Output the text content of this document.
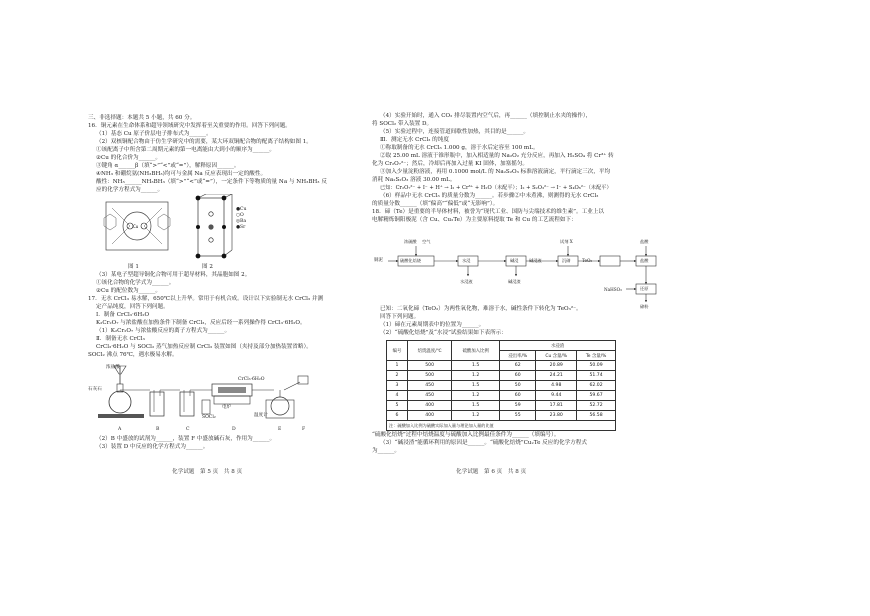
三、非选择题：本题共 5 小题，共 60 分。
16．铜元素在生命体系和超导领域研究中发挥着至关重要的作用。回答下列问题。
（1）基态 Cu 原子价层电子排布式为______。
（2）双核铜配合物由于仿生学研究中的需要，某大环双铜配合物的配离子结构如图 1。
①该配离子中所含第二周期元素的第一电离能由大到小的顺序为______。
②Cu 的化合价为______。
③键角 α______β（填“>”“<”或“=”），解释原因______。
④NH₃ 和硼烷氨(NH₃BH₃)均可与金属 Na 反应表现出一定的酸性。
酸性：NH₃______NH₃BH₃（填“>”“<”或“=”），一定条件下等物质的量 Na 与 NH₃BH₃ 反
应的化学方程式为______。
Cu
图 1	图 2
●Cu
○O
◎Ba
●Sr
（3）某电子型超导铜化合物可用于超导材料，其晶胞如图 2。
①该化合物的化学式为______。
②Cu 的配位数为______。
17．无水 CrCl₃ 易水解，650℃以上升华。常用于有机合成。设计以下实验制无水 CrCl₃ 并测
定产品纯度，回答下列问题。
Ⅰ．制备 CrCl₃·6H₂O
K₂Cr₂O₇ 与浓盐酸在加热条件下制备 CrCl₃，反应后经一系列操作得 CrCl₃·6H₂O。
（1）K₂Cr₂O₇ 与浓盐酸反应的离子方程式为______。
Ⅱ．制备无水 CrCl₃
CrCl₃·6H₂O 与 SOCl₂ 蒸气加热反应制 CrCl₃ 装置如图（夹持及部分加热装置省略）。
SOCl₂ 沸点 76℃，遇水极易水解。
浓盐酸
石灰石
CrCl₃·6H₂O
SOCl₂
电炉
温度计
A	B	C	D	E	F
（2）B 中盛放的试剂为______，装置 F 中盛放碱石灰，作用为______。
（3）装置 D 中反应的化学方程式为______。
化学试题　第 5 页　共 8 页
（4）实验开始时，通入 CO₂ 排尽装置内空气后，再______（填控制止水夹的操作），
将 SOCl₂ 带入装置 D。
（5）实验过程中，连接管道间歇性加热，其目的是______。
Ⅲ．测定无水 CrCl₃ 的纯度
①称取制备的无水 CrCl₃ 1.000 g，溶于水后定容至 100 mL。
②取 25.00 mL 溶液于锥形瓶中，加入相适量的 Na₂O₂ 充分反应，再加入 H₂SO₄ 将 Cr³⁺ 转
化为 Cr₂O₇²⁻；然后，冷却后再加入过量 KI 固体，加塞摇匀。
③加入少量淀粉溶液，再用 0.1000 mol/L 的 Na₂S₂O₃ 标准溶液滴定，平行滴定三次，平均
消耗 Na₂S₂O₃ 溶液 30.00 mL。
已知：Cr₂O₇²⁻ + I⁻ + H⁺ → I₂ + Cr³⁺ + H₂O（未配平）；I₂ + S₂O₃²⁻ → I⁻ + S₄O₆²⁻（未配平）
（6）样品中无水 CrCl₃ 的质量分数为______。若步骤②中未煮沸，则测得的无水 CrCl₃
的质量分数______（填“偏高”“偏低”或“无影响”）。
18．碲（Te）是重要的半导体材料，被誉为“现代工业、国防与尖端技术的维生素”。工业上以
电解精炼铜阳极泥（含 Cu、Cu₂Te）为主要原料提取 Te 和 Cu 的工艺流程如下：
铜泥	硫酸化焙烧	水浸	碱浸	碱浸液	沉碲	TeO₂	盐酸
还原
浓硫酸 空气
水浸液	碱浸渣
试剂 X	盐酸
NaHSO₃
碲粉
已知：二氧化碲（TeO₂）为两性氧化物，难溶于水，碱性条件下转化为 TeO₃²⁻。
回答下列问题。
（1）碲在元素周期表中的位置为______。
（2）“硫酸化焙烧”及“水浸”试验结果如下表所示：
编号	焙烧温度/℃	硫酸加入比例	水浸渣		
			浸出率/%	Cu 含量/%	Te 含量/%
1	500	1.5	62	20.89	50.09
2	500	1.2	60	24.21	51.74
3	450	1.5	50	4.98	62.02
4	450	1.2	60	9.44	59.67
5	400	1.5	59	17.81	52.72
6	400	1.2	55	23.80	56.58
注：硫酸加入比例为硫酸实际加入量与理论加入量的比值					
“硫酸化焙烧”过程中焙烧温度与硫酸加入比例最佳条件为______（填编号）。
（3）“碱浸渣”能循环利用的原因是______。“硫酸化焙烧”Cu₂Te 反应的化学方程式
为______。
化学试题　第 6 页　共 8 页
